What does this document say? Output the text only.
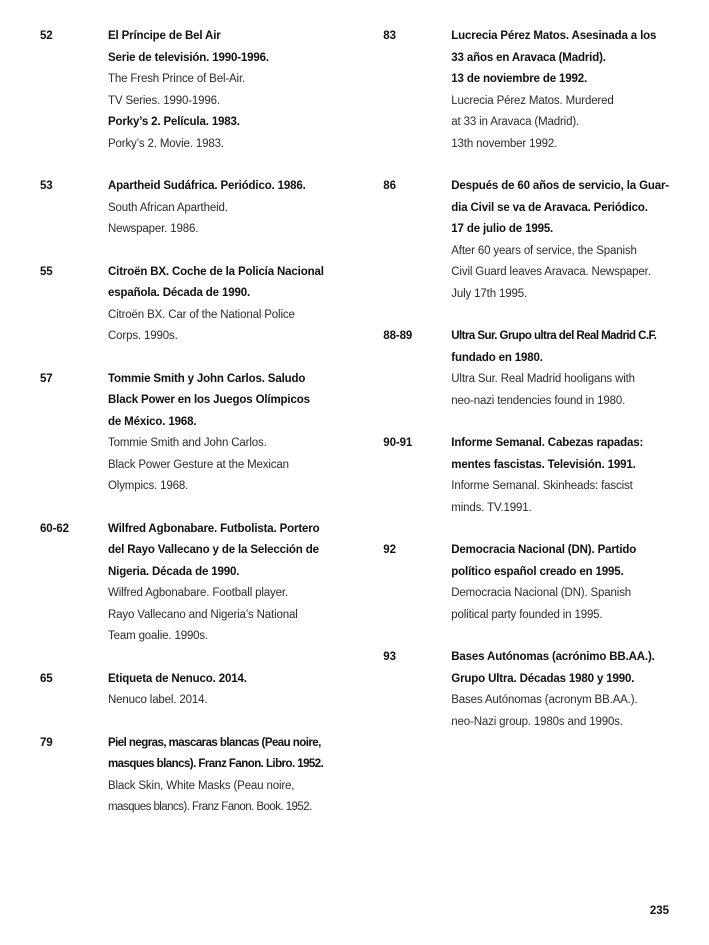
52	El Príncipe de Bel Air
Serie de televisión. 1990-1996.
The Fresh Prince of Bel-Air.
TV Series. 1990-1996.
Porky’s 2. Película. 1983.
Porky’s 2. Movie. 1983.
53	Apartheid Sudáfrica. Periódico. 1986.
South African Apartheid.
Newspaper. 1986.
55	Citroën BX. Coche de la Policía Nacional
española. Década de 1990.
Citroën BX. Car of the National Police
Corps. 1990s.
57	Tommie Smith y John Carlos. Saludo
Black Power en los Juegos Olímpicos
de México. 1968.
Tommie Smith and John Carlos.
Black Power Gesture at the Mexican
Olympics. 1968.
60-62	Wilfred Agbonabare. Futbolista. Portero
del Rayo Vallecano y de la Selección de
Nigeria. Década de 1990.
Wilfred Agbonabare. Football player.
Rayo Vallecano and Nigeria’s National
Team goalie. 1990s.
65	Etiqueta de Nenuco. 2014.
Nenuco label. 2014.
79	Piel negras, mascaras blancas (Peau noire,
masques blancs). Franz Fanon. Libro. 1952.
Black Skin, White Masks (Peau noire,
masques blancs). Franz Fanon. Book. 1952.
83	Lucrecia Pérez Matos. Asesinada a los
33 años en Aravaca (Madrid).
13 de noviembre de 1992.
Lucrecia Pérez Matos. Murdered
at 33 in Aravaca (Madrid).
13th november 1992.
86	Después de 60 años de servicio, la Guar-
dia Civil se va de Aravaca. Periódico.
17 de julio de 1995.
After 60 years of service, the Spanish
Civil Guard leaves Aravaca. Newspaper.
July 17th 1995.
88-89	Ultra Sur. Grupo ultra del Real Madrid C.F.
fundado en 1980.
Ultra Sur. Real Madrid hooligans with
neo-nazi tendencies found in 1980.
90-91	Informe Semanal. Cabezas rapadas:
mentes fascistas. Televisión. 1991.
Informe Semanal. Skinheads: fascist
minds. TV.1991.
92	Democracia Nacional (DN). Partido
político español creado en 1995.
Democracia Nacional (DN). Spanish
political party founded in 1995.
93	Bases Autónomas (acrónimo BB.AA.).
Grupo Ultra. Décadas 1980 y 1990.
Bases Autónomas (acronym BB.AA.).
neo-Nazi group. 1980s and 1990s.
235
